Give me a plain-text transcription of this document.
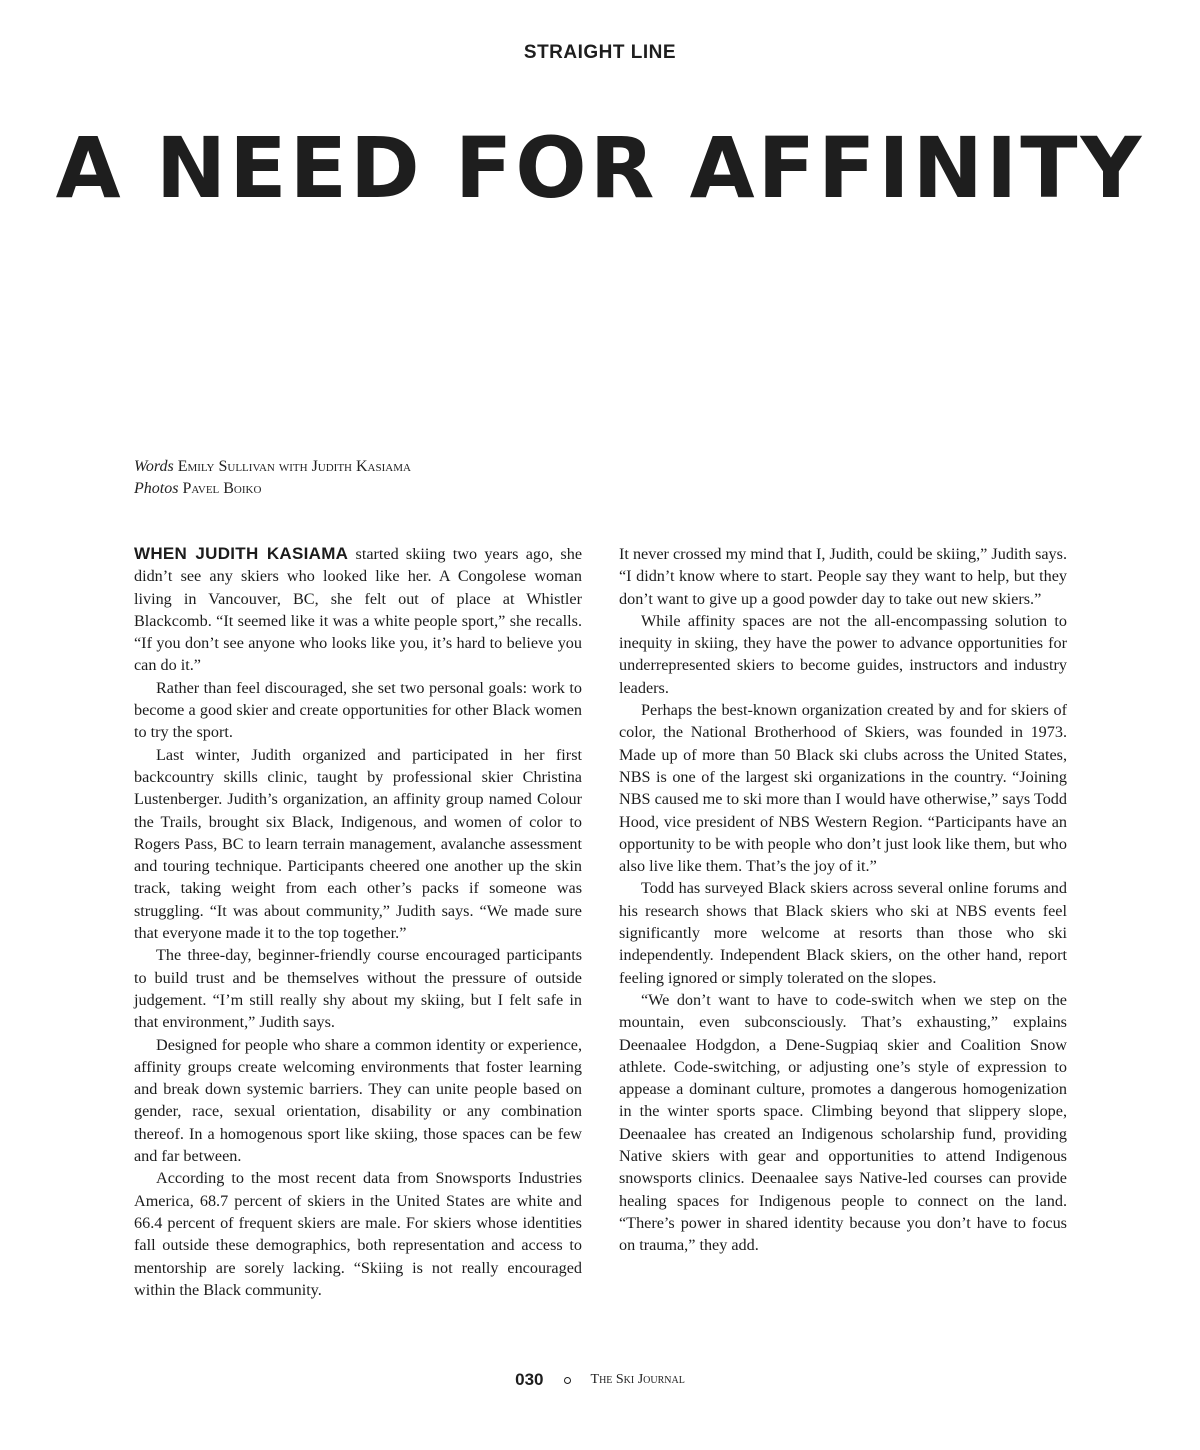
STRAIGHT LINE
A NEED FOR AFFINITY
Words Emily Sullivan with Judith Kasiama
Photos Pavel Boiko

WHEN JUDITH KASIAMA started skiing two years ago, she didn’t see any skiers who looked like her. A Congolese woman living in Vancouver, BC, she felt out of place at Whistler Blackcomb. “It seemed like it was a white people sport,” she recalls. “If you don’t see anyone who looks like you, it’s hard to believe you can do it.”

Rather than feel discouraged, she set two personal goals: work to become a good skier and create opportunities for other Black women to try the sport.

Last winter, Judith organized and participated in her first backcountry skills clinic, taught by professional skier Christina Lustenberger. Judith’s organization, an affinity group named Colour the Trails, brought six Black, Indigenous, and women of color to Rogers Pass, BC to learn terrain management, avalanche assessment and touring technique. Participants cheered one another up the skin track, taking weight from each other’s packs if someone was struggling. “It was about community,” Judith says. “We made sure that everyone made it to the top together.”

The three-day, beginner-friendly course encouraged participants to build trust and be themselves without the pressure of outside judgement. “I’m still really shy about my skiing, but I felt safe in that environment,” Judith says.

Designed for people who share a common identity or experience, affinity groups create welcoming environments that foster learning and break down systemic barriers. They can unite people based on gender, race, sexual orientation, disability or any combination thereof. In a homogenous sport like skiing, those spaces can be few and far between.

According to the most recent data from Snowsports Industries America, 68.7 percent of skiers in the United States are white and 66.4 percent of frequent skiers are male. For skiers whose identities fall outside these demographics, both representation and access to mentorship are sorely lacking. “Skiing is not really encouraged within the Black community.

It never crossed my mind that I, Judith, could be skiing,” Judith says. “I didn’t know where to start. People say they want to help, but they don’t want to give up a good powder day to take out new skiers.”

While affinity spaces are not the all-encompassing solution to inequity in skiing, they have the power to advance opportunities for underrepresented skiers to become guides, instructors and industry leaders.

Perhaps the best-known organization created by and for skiers of color, the National Brotherhood of Skiers, was founded in 1973. Made up of more than 50 Black ski clubs across the United States, NBS is one of the largest ski organizations in the country. “Joining NBS caused me to ski more than I would have otherwise,” says Todd Hood, vice president of NBS Western Region. “Participants have an opportunity to be with people who don’t just look like them, but who also live like them. That’s the joy of it.”

Todd has surveyed Black skiers across several online forums and his research shows that Black skiers who ski at NBS events feel significantly more welcome at resorts than those who ski independently. Independent Black skiers, on the other hand, report feeling ignored or simply tolerated on the slopes.

“We don’t want to have to code-switch when we step on the mountain, even subconsciously. That’s exhausting,” explains Deenaalee Hodgdon, a Dene-Sugpiaq skier and Coalition Snow athlete. Code-switching, or adjusting one’s style of expression to appease a dominant culture, promotes a dangerous homogenization in the winter sports space. Climbing beyond that slippery slope, Deenaalee has created an Indigenous scholarship fund, providing Native skiers with gear and opportunities to attend Indigenous snowsports clinics. Deenaalee says Native-led courses can provide healing spaces for Indigenous people to connect on the land. “There’s power in shared identity because you don’t have to focus on trauma,” they add.

030	The Ski Journal
